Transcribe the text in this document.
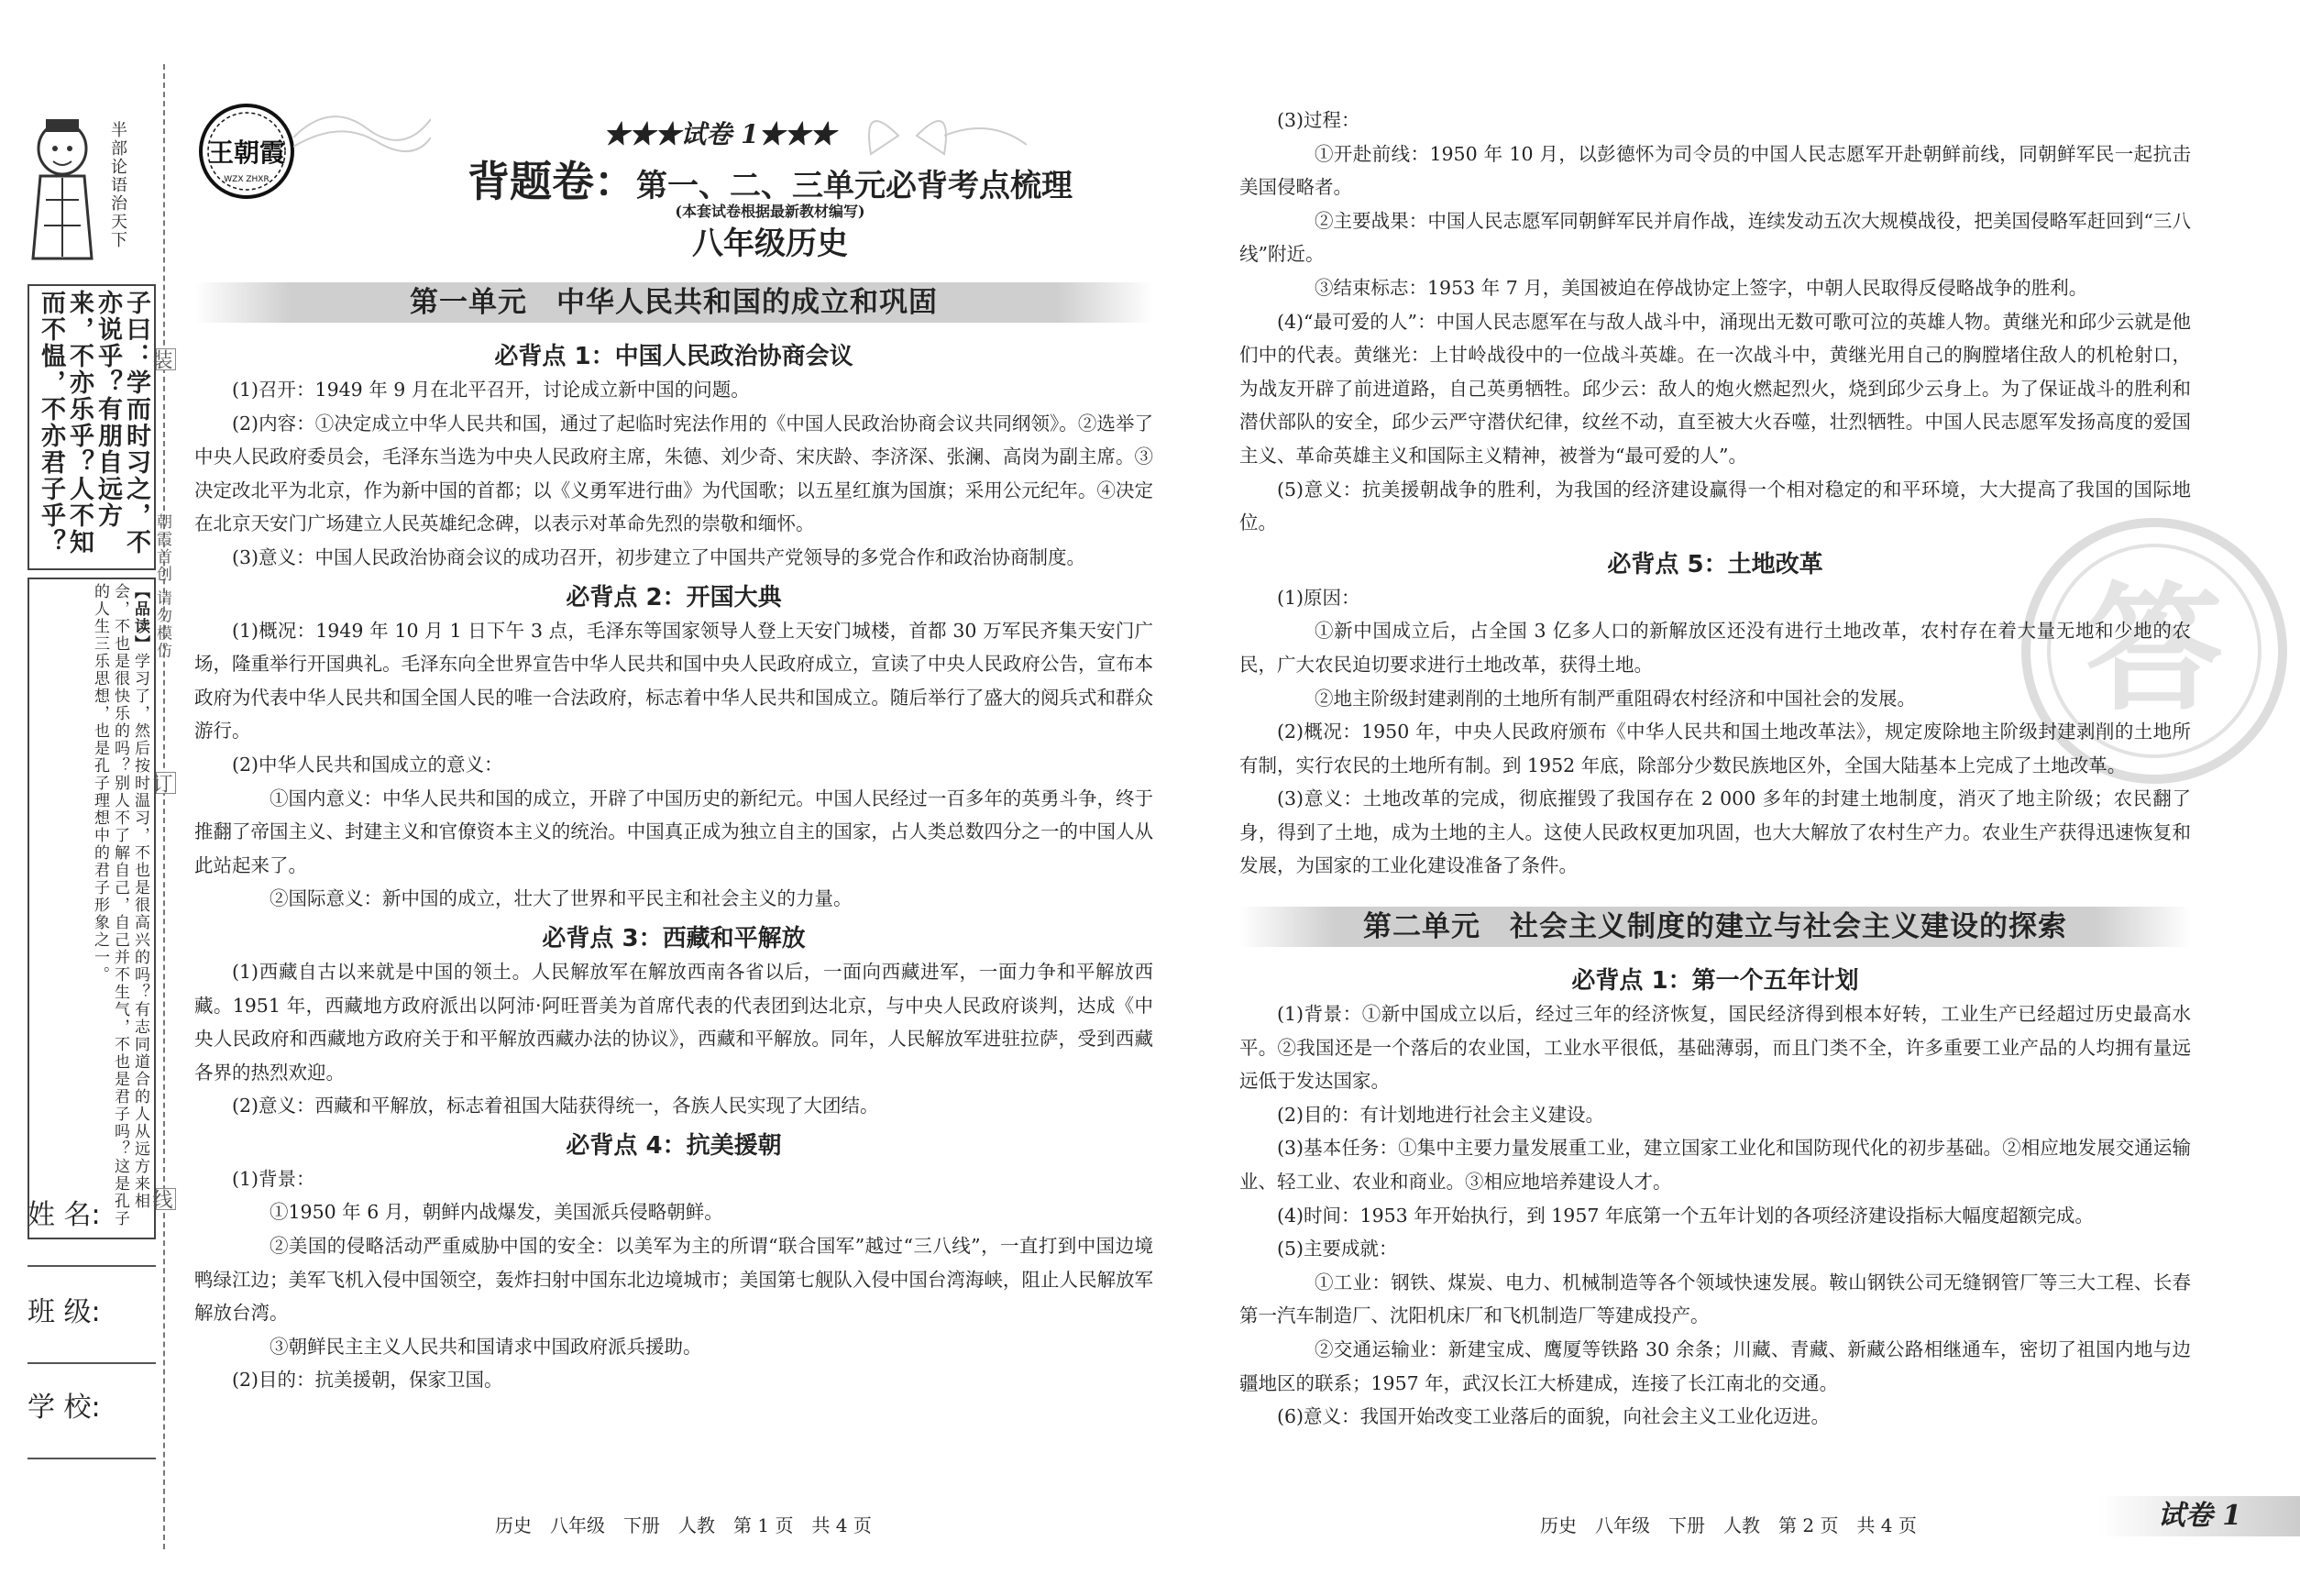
半部论语治天下
子曰：学而时习之，不亦说乎？有朋自远方来，不亦乐乎？人不知而不愠，不亦君子乎？
【品读】学习了，然后按时温习，不也是很高兴的吗？有志同道合的人从远方来相会，不也是很快乐的吗？别人不了解自己，自己并不生气，不也是君子吗？这是孔子的人生三乐思想，也是孔子理想中的君子形象之一。
姓 名:
班 级:
学 校:
装
订
线
朝霞首创 请勿模仿
王朝霞
WZX ZHXR
★★★试卷 1★★★
背题卷：第一、二、三单元必背考点梳理
(本套试卷根据最新教材编写)
八年级历史
第一单元　中华人民共和国的成立和巩固
必背点 1：中国人民政治协商会议

(1)召开：1949 年 9 月在北平召开，讨论成立新中国的问题。

(2)内容：①决定成立中华人民共和国，通过了起临时宪法作用的《中国人民政治协商会议共同纲领》。②选举了中央人民政府委员会，毛泽东当选为中央人民政府主席，朱德、刘少奇、宋庆龄、李济深、张澜、高岗为副主席。③决定改北平为北京，作为新中国的首都；以《义勇军进行曲》为代国歌；以五星红旗为国旗；采用公元纪年。④决定在北京天安门广场建立人民英雄纪念碑，以表示对革命先烈的崇敬和缅怀。

(3)意义：中国人民政治协商会议的成功召开，初步建立了中国共产党领导的多党合作和政治协商制度。

必背点 2：开国大典

(1)概况：1949 年 10 月 1 日下午 3 点，毛泽东等国家领导人登上天安门城楼，首都 30 万军民齐集天安门广场，隆重举行开国典礼。毛泽东向全世界宣告中华人民共和国中央人民政府成立，宣读了中央人民政府公告，宣布本政府为代表中华人民共和国全国人民的唯一合法政府，标志着中华人民共和国成立。随后举行了盛大的阅兵式和群众游行。

(2)中华人民共和国成立的意义：

①国内意义：中华人民共和国的成立，开辟了中国历史的新纪元。中国人民经过一百多年的英勇斗争，终于推翻了帝国主义、封建主义和官僚资本主义的统治。中国真正成为独立自主的国家，占人类总数四分之一的中国人从此站起来了。

②国际意义：新中国的成立，壮大了世界和平民主和社会主义的力量。

必背点 3：西藏和平解放

(1)西藏自古以来就是中国的领土。人民解放军在解放西南各省以后，一面向西藏进军，一面力争和平解放西藏。1951 年，西藏地方政府派出以阿沛·阿旺晋美为首席代表的代表团到达北京，与中央人民政府谈判，达成《中央人民政府和西藏地方政府关于和平解放西藏办法的协议》，西藏和平解放。同年，人民解放军进驻拉萨，受到西藏各界的热烈欢迎。

(2)意义：西藏和平解放，标志着祖国大陆获得统一，各族人民实现了大团结。

必背点 4：抗美援朝

(1)背景：

①1950 年 6 月，朝鲜内战爆发，美国派兵侵略朝鲜。

②美国的侵略活动严重威胁中国的安全：以美军为主的所谓“联合国军”越过“三八线”，一直打到中国边境鸭绿江边；美军飞机入侵中国领空，轰炸扫射中国东北边境城市；美国第七舰队入侵中国台湾海峡，阻止人民解放军解放台湾。

③朝鲜民主主义人民共和国请求中国政府派兵援助。

(2)目的：抗美援朝，保家卫国。

历史　八年级　下册　人教　第 1 页　共 4 页
答

(3)过程：

①开赴前线：1950 年 10 月，以彭德怀为司令员的中国人民志愿军开赴朝鲜前线，同朝鲜军民一起抗击美国侵略者。

②主要战果：中国人民志愿军同朝鲜军民并肩作战，连续发动五次大规模战役，把美国侵略军赶回到“三八线”附近。

③结束标志：1953 年 7 月，美国被迫在停战协定上签字，中朝人民取得反侵略战争的胜利。

(4)“最可爱的人”：中国人民志愿军在与敌人战斗中，涌现出无数可歌可泣的英雄人物。黄继光和邱少云就是他们中的代表。黄继光：上甘岭战役中的一位战斗英雄。在一次战斗中，黄继光用自己的胸膛堵住敌人的机枪射口，为战友开辟了前进道路，自己英勇牺牲。邱少云：敌人的炮火燃起烈火，烧到邱少云身上。为了保证战斗的胜利和潜伏部队的安全，邱少云严守潜伏纪律，纹丝不动，直至被大火吞噬，壮烈牺牲。中国人民志愿军发扬高度的爱国主义、革命英雄主义和国际主义精神，被誉为“最可爱的人”。

(5)意义：抗美援朝战争的胜利，为我国的经济建设赢得一个相对稳定的和平环境，大大提高了我国的国际地位。

必背点 5：土地改革

(1)原因：

①新中国成立后，占全国 3 亿多人口的新解放区还没有进行土地改革，农村存在着大量无地和少地的农民，广大农民迫切要求进行土地改革，获得土地。

②地主阶级封建剥削的土地所有制严重阻碍农村经济和中国社会的发展。

(2)概况：1950 年，中央人民政府颁布《中华人民共和国土地改革法》，规定废除地主阶级封建剥削的土地所有制，实行农民的土地所有制。到 1952 年底，除部分少数民族地区外，全国大陆基本上完成了土地改革。

(3)意义：土地改革的完成，彻底摧毁了我国存在 2 000 多年的封建土地制度，消灭了地主阶级；农民翻了身，得到了土地，成为土地的主人。这使人民政权更加巩固，也大大解放了农村生产力。农业生产获得迅速恢复和发展，为国家的工业化建设准备了条件。

第二单元　社会主义制度的建立与社会主义建设的探索
必背点 1：第一个五年计划

(1)背景：①新中国成立以后，经过三年的经济恢复，国民经济得到根本好转，工业生产已经超过历史最高水平。②我国还是一个落后的农业国，工业水平很低，基础薄弱，而且门类不全，许多重要工业产品的人均拥有量远远低于发达国家。

(2)目的：有计划地进行社会主义建设。

(3)基本任务：①集中主要力量发展重工业，建立国家工业化和国防现代化的初步基础。②相应地发展交通运输业、轻工业、农业和商业。③相应地培养建设人才。

(4)时间：1953 年开始执行，到 1957 年底第一个五年计划的各项经济建设指标大幅度超额完成。

(5)主要成就：

①工业：钢铁、煤炭、电力、机械制造等各个领域快速发展。鞍山钢铁公司无缝钢管厂等三大工程、长春第一汽车制造厂、沈阳机床厂和飞机制造厂等建成投产。

②交通运输业：新建宝成、鹰厦等铁路 30 余条；川藏、青藏、新藏公路相继通车，密切了祖国内地与边疆地区的联系；1957 年，武汉长江大桥建成，连接了长江南北的交通。

(6)意义：我国开始改变工业落后的面貌，向社会主义工业化迈进。

历史　八年级　下册　人教　第 2 页　共 4 页	试卷 1
